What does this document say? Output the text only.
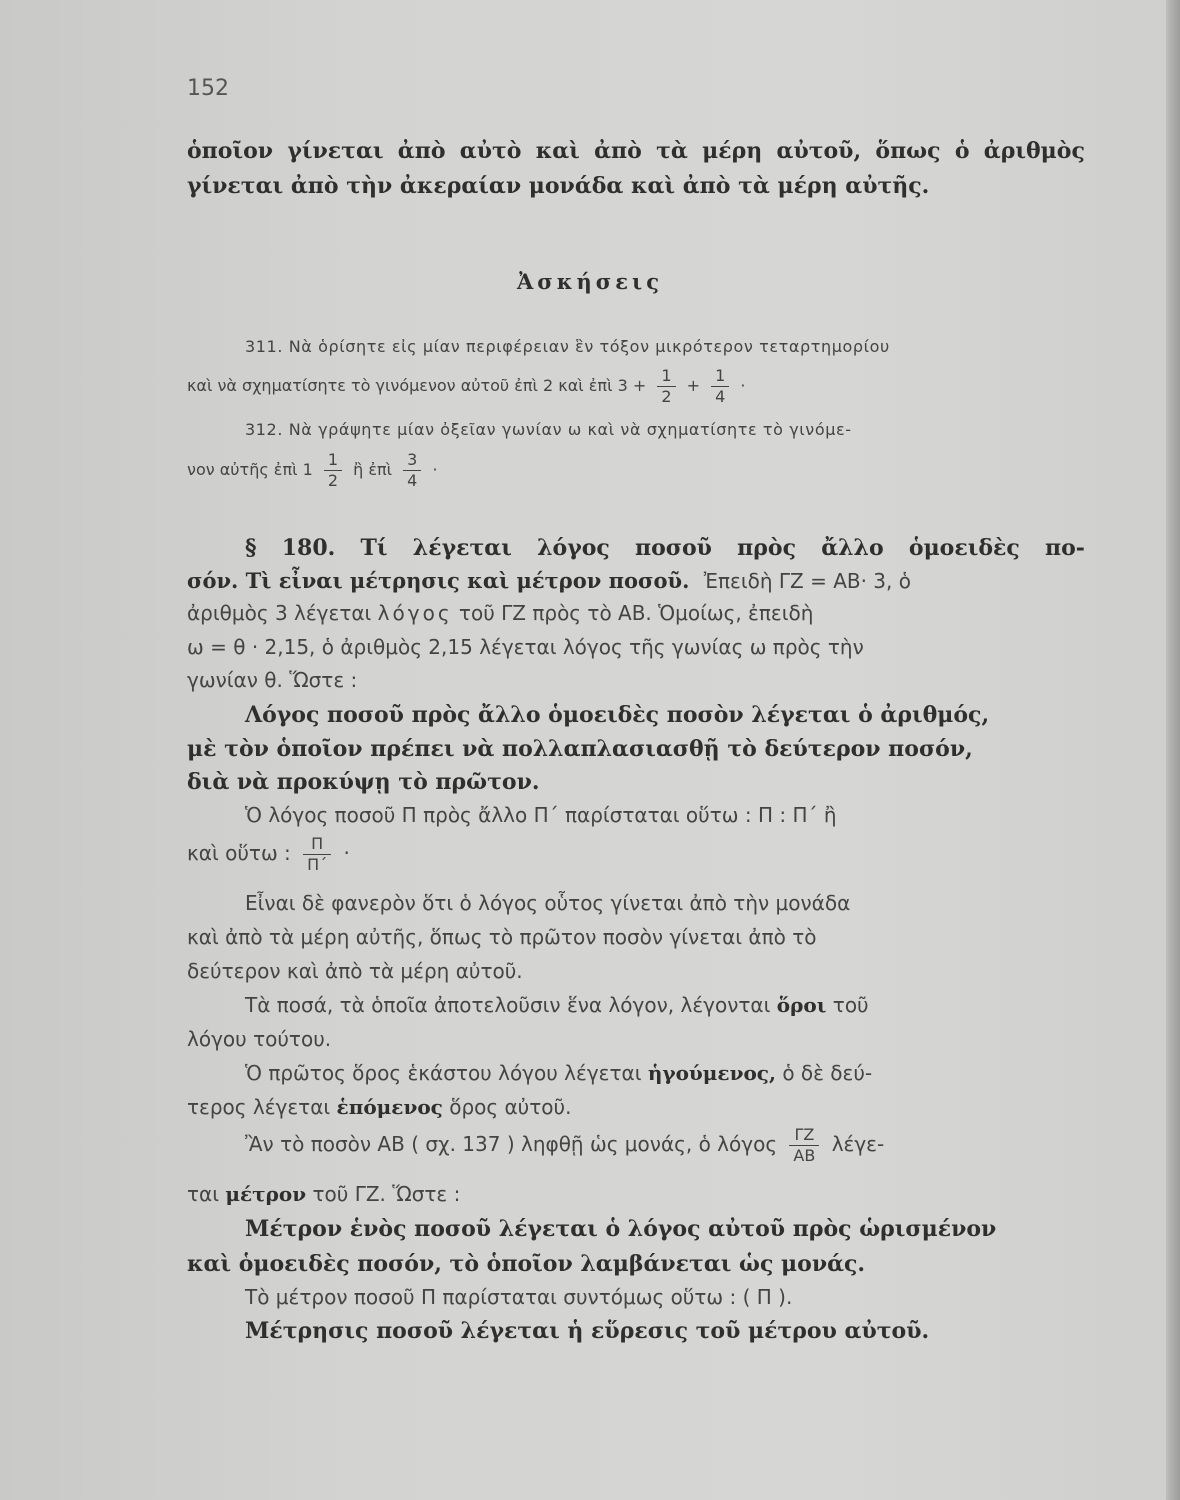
152
ὁποῖον γίνεται ἀπὸ αὐτὸ καὶ ἀπὸ τὰ μέρη αὐτοῦ, ὅπως ὁ ἀριθμὸς
γίνεται ἀπὸ τὴν ἀκεραίαν μονάδα καὶ ἀπὸ τὰ μέρη αὐτῆς.
Ἀσκήσεις
311. Νὰ ὁρίσητε εἰς μίαν περιφέρειαν ἓν τόξον μικρότερον τεταρτημορίου
καὶ νὰ σχηματίσητε τὸ γινόμενον αὐτοῦ ἐπὶ 2 καὶ ἐπὶ $3 + \frac{1}{2} + \frac{1}{4}$ ·
312. Νὰ γράψητε μίαν ὀξεῖαν γωνίαν ω καὶ νὰ σχηματίσητε τὸ γινόμε-
νον αὐτῆς ἐπὶ $1 \frac{1}{2}$ ἢ ἐπὶ $\frac{3}{4}$ ·
§ 180. Τί λέγεται λόγος ποσοῦ πρὸς ἄλλο ὁμοειδὲς πο-
σόν. Τὶ εἶναι μέτρησις καὶ μέτρον ποσοῦ. Ἐπειδὴ ΓΖ = ΑΒ· 3, ὁ
ἀριθμὸς 3 λέγεται λόγος τοῦ ΓΖ πρὸς τὸ ΑΒ. Ὁμοίως, ἐπειδὴ
ω = θ · 2,15, ὁ ἀριθμὸς 2,15 λέγεται λόγος τῆς γωνίας ω πρὸς τὴν
γωνίαν θ. Ὥστε :
Λόγος ποσοῦ πρὸς ἄλλο ὁμοειδὲς ποσὸν λέγεται ὁ ἀριθμός,
μὲ τὸν ὁποῖον πρέπει νὰ πολλαπλασιασθῇ τὸ δεύτερον ποσόν,
διὰ νὰ προκύψῃ τὸ πρῶτον.
Ὁ λόγος ποσοῦ Π πρὸς ἄλλο Π΄ παρίσταται οὕτω : Π : Π΄ ἢ
καὶ οὕτω : $\frac{\Pi}{\Pi΄}$ ·
Εἶναι δὲ φανερὸν ὅτι ὁ λόγος οὗτος γίνεται ἀπὸ τὴν μονάδα
καὶ ἀπὸ τὰ μέρη αὐτῆς, ὅπως τὸ πρῶτον ποσὸν γίνεται ἀπὸ τὸ
δεύτερον καὶ ἀπὸ τὰ μέρη αὐτοῦ.
Τὰ ποσά, τὰ ὁποῖα ἀποτελοῦσιν ἕνα λόγον, λέγονται ὅροι τοῦ
λόγου τούτου.
Ὁ πρῶτος ὅρος ἑκάστου λόγου λέγεται ἡγούμενος, ὁ δὲ δεύ-
τερος λέγεται ἑπόμενος ὅρος αὐτοῦ.
Ἂν τὸ ποσὸν ΑΒ ( σχ. 137 ) ληφθῇ ὡς μονάς, ὁ λόγος $\frac{\Gamma Z}{AB} \lambda έ\gamma\varepsilon-$
ται μέτρον τοῦ ΓΖ. Ὥστε :
Μέτρον ἑνὸς ποσοῦ λέγεται ὁ λόγος αὐτοῦ πρὸς ὡρισμένον
καὶ ὁμοειδὲς ποσόν, τὸ ὁποῖον λαμβάνεται ὡς μονάς.
Τὸ μέτρον ποσοῦ Π παρίσταται συντόμως οὕτω : ( Π ).
Μέτρησις ποσοῦ λέγεται ἡ εὕρεσις τοῦ μέτρου αὐτοῦ.
